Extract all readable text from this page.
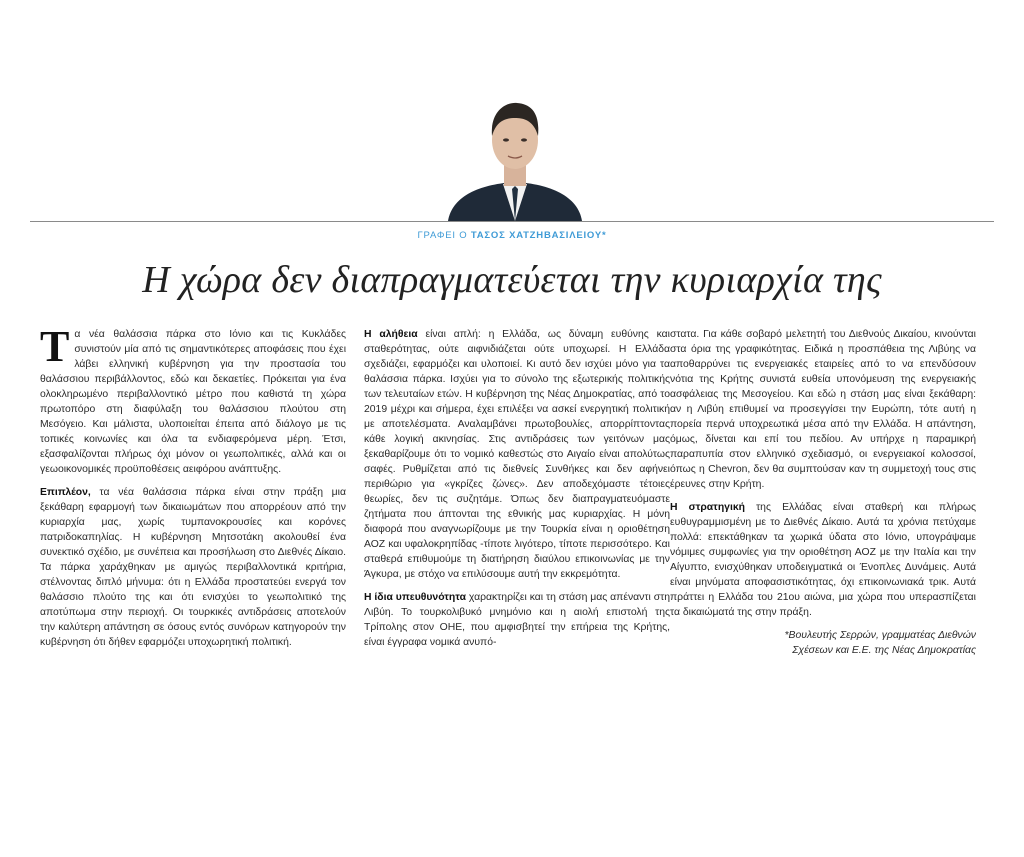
ΓΡΑΦΕΙ Ο ΤΑΣΟΣ ΧΑΤΖΗΒΑΣΙΛΕΙΟΥ*
Η χώρα δεν διαπραγματεύεται την κυριαρχία της

Τα νέα θαλάσσια πάρκα στο Ιόνιο και τις Κυκλάδες συνιστούν μία από τις σημαντικότερες αποφάσεις που έχει λάβει ελληνική κυβέρνηση για την προστασία του θαλάσσιου περιβάλλοντος, εδώ και δεκαετίες. Πρόκειται για ένα ολοκληρωμένο περιβαλλοντικό μέτρο που καθιστά τη χώρα πρωτοπόρο στη διαφύλαξη του θαλάσσιου πλούτου στη Μεσόγειο. Και μάλιστα, υλοποιείται έπειτα από διάλογο με τις τοπικές κοινωνίες και όλα τα ενδιαφερόμενα μέρη. Έτσι, εξασφαλίζονται πλήρως όχι μόνον οι γεωπολιτικές, αλλά και οι γεωοικονομικές προϋποθέσεις αειφόρου ανάπτυξης.

Επιπλέον, τα νέα θαλάσσια πάρκα είναι στην πράξη μια ξεκάθαρη εφαρμογή των δικαιωμάτων που απορρέουν από την κυριαρχία μας, χωρίς τυμπανοκρουσίες και κορόνες πατριδοκαπηλίας. Η κυβέρνηση Μητσοτάκη ακολουθεί ένα συνεκτικό σχέδιο, με συνέπεια και προσήλωση στο Διεθνές Δίκαιο. Τα πάρκα χαράχθηκαν με αμιγώς περιβαλλοντικά κριτήρια, στέλνοντας διπλό μήνυμα: ότι η Ελλάδα προστατεύει ενεργά τον θαλάσσιο πλούτο της και ότι ενισχύει το γεωπολιτικό της αποτύπωμα στην περιοχή. Οι τουρκικές αντιδράσεις αποτελούν την καλύτερη απάντηση σε όσους εντός συνόρων κατηγορούν την κυβέρνηση ότι δήθεν εφαρμόζει υποχωρητική πολιτική.

Η αλήθεια είναι απλή: η Ελλάδα, ως δύναμη ευθύνης και σταθερότητας, ούτε αιφνιδιάζεται ούτε υποχωρεί. Η Ελλάδα σχεδιάζει, εφαρμόζει και υλοποιεί. Κι αυτό δεν ισχύει μόνο για τα θαλάσσια πάρκα. Ισχύει για το σύνολο της εξωτερικής πολιτικής των τελευταίων ετών. Η κυβέρνηση της Νέας Δημοκρατίας, από το 2019 μέχρι και σήμερα, έχει επιλέξει να ασκεί ενεργητική πολιτική με αποτελέσματα. Αναλαμβάνει πρωτοβουλίες, απορρίπτοντας κάθε λογική ακινησίας. Στις αντιδράσεις των γειτόνων μας ξεκαθαρίζουμε ότι το νομικό καθεστώς στο Αιγαίο είναι απολύτως σαφές. Ρυθμίζεται από τις διεθνείς Συνθήκες και δεν αφήνει περιθώριο για «γκρίζες ζώνες». Δεν αποδεχόμαστε τέτοιες θεωρίες, δεν τις συζητάμε. Όπως δεν διαπραγματευόμαστε ζητήματα που άπτονται της εθνικής μας κυριαρχίας. Η μόνη διαφορά που αναγνωρίζουμε με την Τουρκία είναι η οριοθέτηση ΑΟΖ και υφαλοκρηπίδας -τίποτε λιγότερο, τίποτε περισσότερο. Και σταθερά επιθυμούμε τη διατήρηση διαύλου επικοινωνίας με την Άγκυρα, με στόχο να επιλύσουμε αυτή την εκκρεμότητα.

Η ίδια υπευθυνότητα χαρακτηρίζει και τη στάση μας απέναντι στη Λιβύη. Το τουρκολιβυκό μνημόνιο και η αιολή επιστολή της Τρίπολης στον ΟΗΕ, που αμφισβητεί την επήρεια της Κρήτης, είναι έγγραφα νομικά ανυπό-

στατα. Για κάθε σοβαρό μελετητή του Διεθνούς Δικαίου, κινούνται στα όρια της γραφικότητας. Ειδικά η προσπάθεια της Λιβύης να αποθαρρύνει τις ενεργειακές εταιρείες από το να επενδύσουν νότια της Κρήτης συνιστά ευθεία υπονόμευση της ενεργειακής ασφάλειας της Μεσογείου. Και εδώ η στάση μας είναι ξεκάθαρη: αν η Λιβύη επιθυμεί να προσεγγίσει την Ευρώπη, τότε αυτή η πορεία περνά υποχρεωτικά μέσα από την Ελλάδα. Η απάντηση, όμως, δίνεται και επί του πεδίου. Αν υπήρχε η παραμικρή παραπυπία στον ελληνικό σχεδιασμό, οι ενεργειακοί κολοσσοί, όπως η Chevron, δεν θα συμπτούσαν καν τη συμμετοχή τους στις έρευνες στην Κρήτη.

Η στρατηγική της Ελλάδας είναι σταθερή και πλήρως ευθυγραμμισμένη με το Διεθνές Δίκαιο. Αυτά τα χρόνια πετύχαμε πολλά: επεκτάθηκαν τα χωρικά ύδατα στο Ιόνιο, υπογράψαμε νόμιμες συμφωνίες για την οριοθέτηση ΑΟΖ με την Ιταλία και την Αίγυπτο, ενισχύθηκαν υποδειγματικά οι Ένοπλες Δυνάμεις. Αυτά είναι μηνύματα αποφασιστικότητας, όχι επικοινωνιακά τρικ. Αυτά πράττει η Ελλάδα του 21ου αιώνα, μια χώρα που υπερασπίζεται τα δικαιώματά της στην πράξη.

*Βουλευτής Σερρών, γραμματέας Διεθνών
Σχέσεων και Ε.Ε. της Νέας Δημοκρατίας
